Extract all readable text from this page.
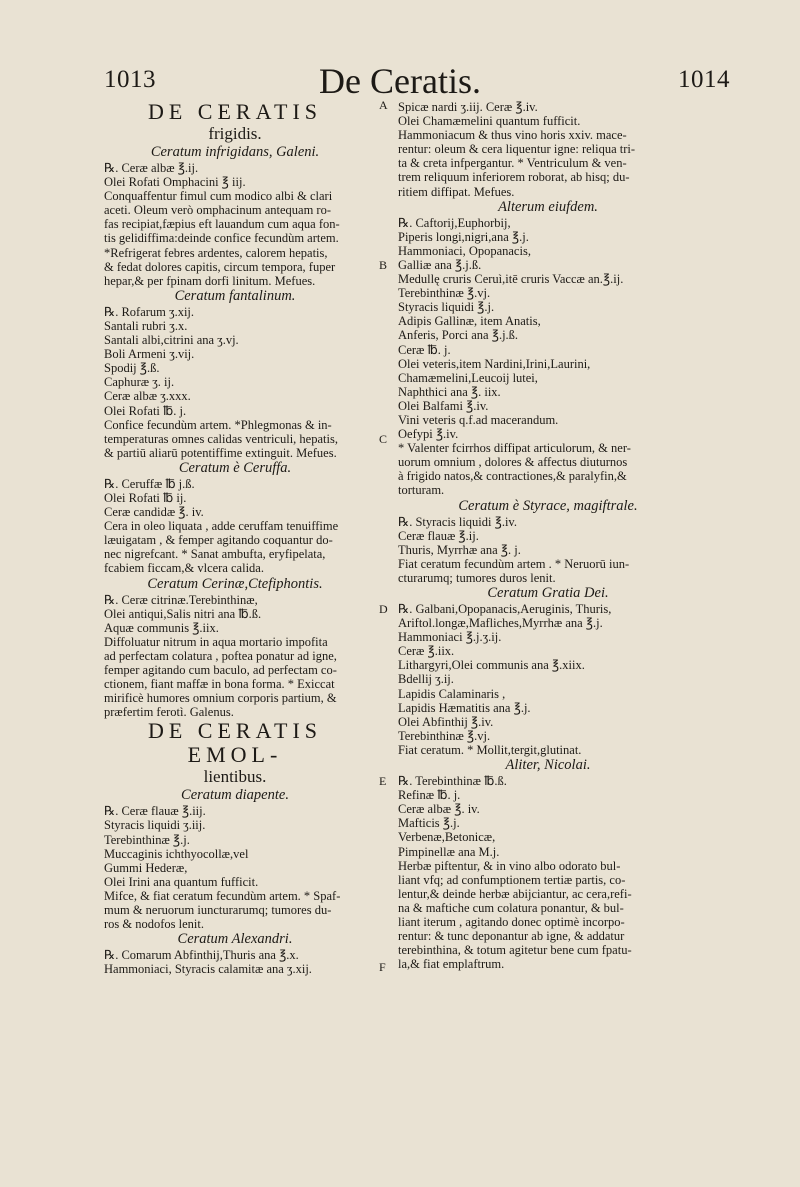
1013	De Ceratis.	1014
DE CERATIS
frigidis.
Ceratum infrigidans, Galeni.
℞. Ceræ albæ ℥.ij.
Olei Rofati Omphacini ℥ iij.
Conquaffentur fimul cum modico albi & clari
aceti. Oleum verò omphacinum antequam ro-
fas recipiat,fæpius eft lauandum cum aqua fon-
tis gelidiffima:deinde confice fecundùm artem.
*Refrigerat febres ardentes, calorem hepatis,
& fedat dolores capitis, circum tempora, fuper
hepar,& per fpinam dorfi linitum. Mefues.
Ceratum fantalinum.
℞. Rofarum ʒ.xij.
Santali rubri ʒ.x.
Santali albi,citrini ana ʒ.vj.
Boli Armeni ʒ.vij.
Spodij ℥.ß.
Caphuræ ʒ. ij.
Ceræ albæ ʒ.xxx.
Olei Rofati ℔. j.
Confice fecundùm artem. *Phlegmonas & in-
temperaturas omnes calidas ventriculi, hepatis,
& partiū aliarū potentiffime extinguit. Mefues.
Ceratum è Ceruffa.
℞. Ceruffæ ℔ j.ß.
Olei Rofati ℔ ij.
Ceræ candidæ ℥. iv.
Cera in oleo liquata , adde ceruffam tenuiffime
læuigatam , & femper agitando coquantur do-
nec nigrefcant. * Sanat ambufta, eryfipelata,
fcabiem ficcam,& vlcera calida.
Ceratum Cerinæ,Ctefiphontis.
℞. Ceræ citrinæ.Terebinthinæ,
Olei antiqui,Salis nitri ana ℔.ß.
Aquæ communis ℥.iix.
Diffoluatur nitrum in aqua mortario impofita
ad perfectam colatura , poftea ponatur ad igne,
femper agitando cum baculo, ad perfectam co-
ctionem, fiant maffæ in bona forma. * Exiccat
mirificè humores omnium corporis partium, &
præfertim ferotì. Galenus.
DE CERATIS EMOL-
lientibus.
Ceratum diapente.
℞. Ceræ flauæ ℥.iij.
Styracis liquidi ʒ.iij.
Terebinthinæ ℥.j.
Muccaginis ichthyocollæ,vel
Gummi Hederæ,
Olei Irini ana quantum fufficit.
Mifce, & fiat ceratum fecundùm artem. * Spaf-
mum & neruorum iuncturarumq; tumores du-
ros & nodofos lenit.
Ceratum Alexandri.
℞. Comarum Abfinthij,Thuris ana ℥.x.
Hammoniaci, Styracis calamitæ ana ʒ.xij.
Spicæ nardi ʒ.iij. Ceræ ℥.iv.
Olei Chamæmelini quantum fufficit.
Hammoniacum & thus vino horis xxiv. mace-
rentur: oleum & cera liquentur igne: reliqua tri-
ta & creta infpergantur. * Ventriculum & ven-
trem reliquum inferiorem roborat, ab hisq; du-
ritiem diffipat. Mefues.
Alterum eiufdem.
℞. Caftorij,Euphorbij,
Piperis longi,nigri,ana ℥.j.
Hammoniaci, Opopanacis,
Galliæ ana ℥.j.ß.
Medullę cruris Ceruì,itē cruris Vaccæ an.℥.ij.
Terebinthinæ ℥.vj.
Styracis liquidi ℥.j.
Adipis Gallinæ, item Anatis,
Anferis, Porci ana ℥.j.ß.
Ceræ ℔. j.
Olei veteris,item Nardini,Irini,Laurini,
Chamæmelini,Leucoij lutei,
Naphthici ana ℥. iix.
Olei Balfami ℥.iv.
Vini veteris q.f.ad macerandum.
Oefypi ℥.iv.
* Valenter fcirrhos diffipat articulorum, & ner-
uorum omnium , dolores & affectus diuturnos
à frigido natos,& contractiones,& paralyfin,&
torturam.
Ceratum è Styrace, magiftrale.
℞. Styracis liquidi ℥.iv.
Ceræ flauæ ℥.ij.
Thuris, Myrrhæ ana ℥. j.
Fiat ceratum fecundùm artem . * Neruorū iun-
cturarumq; tumores duros lenit.
Ceratum Gratia Dei.
℞. Galbani,Opopanacis,Aeruginis, Thuris,
Ariftol.longæ,Mafliches,Myrrhæ ana ℥.j.
Hammoniaci ℥.j.ʒ.ij.
Ceræ ℥.iix.
Lithargyri,Olei communis ana ℥.xiix.
Bdellij ʒ.ij.
Lapidis Calaminaris ,
Lapidis Hæmatitis ana ℥.j.
Olei Abfinthij ℥.iv.
Terebinthinæ ℥.vj.
Fiat ceratum. * Mollit,tergit,glutinat.
Aliter, Nicolai.
℞. Terebinthinæ ℔.ß.
Refinæ ℔. j.
Ceræ albæ ℥. iv.
Mafticis ℥.j.
Verbenæ,Betonicæ,
Pimpinellæ ana M.j.
Herbæ piftentur, & in vino albo odorato bul-
liant vfq; ad confumptionem tertiæ partis, co-
lentur,& deinde herbæ abijciantur, ac cera,refi-
na & maftiche cum colatura ponantur, & bul-
liant iterum , agitando donec optimè incorpo-
rentur: & tunc deponantur ab igne, & addatur
terebinthina, & totum agitetur bene cum fpatu-
la,& fiat emplaftrum.
A
B
C
D
E
F
